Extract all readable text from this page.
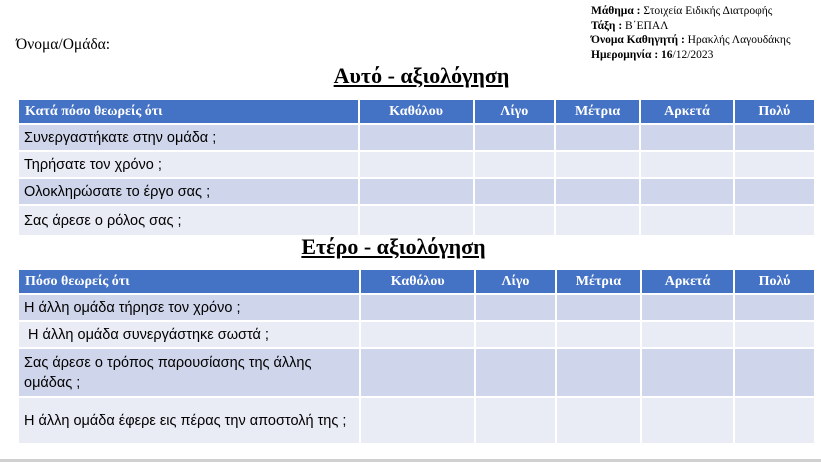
Μάθημα : Στοιχεία Ειδικής Διατροφής
Τάξη : Β΄ΕΠΑΛ
Όνομα Καθηγητή : Ηρακλής Λαγουδάκης
Ημερομηνία : 16/12/2023
Όνομα/Ομάδα:
Αυτό - αξιολόγηση
Κατά πόσο θεωρείς ότι	Καθόλου	Λίγο	Μέτρια	Αρκετά	Πολύ
Συνεργαστήκατε στην ομάδα ;					
Τηρήσατε τον χρόνο ;					
Ολοκληρώσατε το έργο σας ;					
Σας άρεσε ο ρόλος σας ;					
Ετέρο - αξιολόγηση
Πόσο θεωρείς ότι	Καθόλου	Λίγο	Μέτρια	Αρκετά	Πολύ
Η άλλη ομάδα τήρησε τον χρόνο ;					
Η άλλη ομάδα συνεργάστηκε σωστά ;					
Σας άρεσε ο τρόπος παρουσίασης της άλλης ομάδας ;					
Η άλλη ομάδα έφερε εις πέρας την αποστολή της ;					
